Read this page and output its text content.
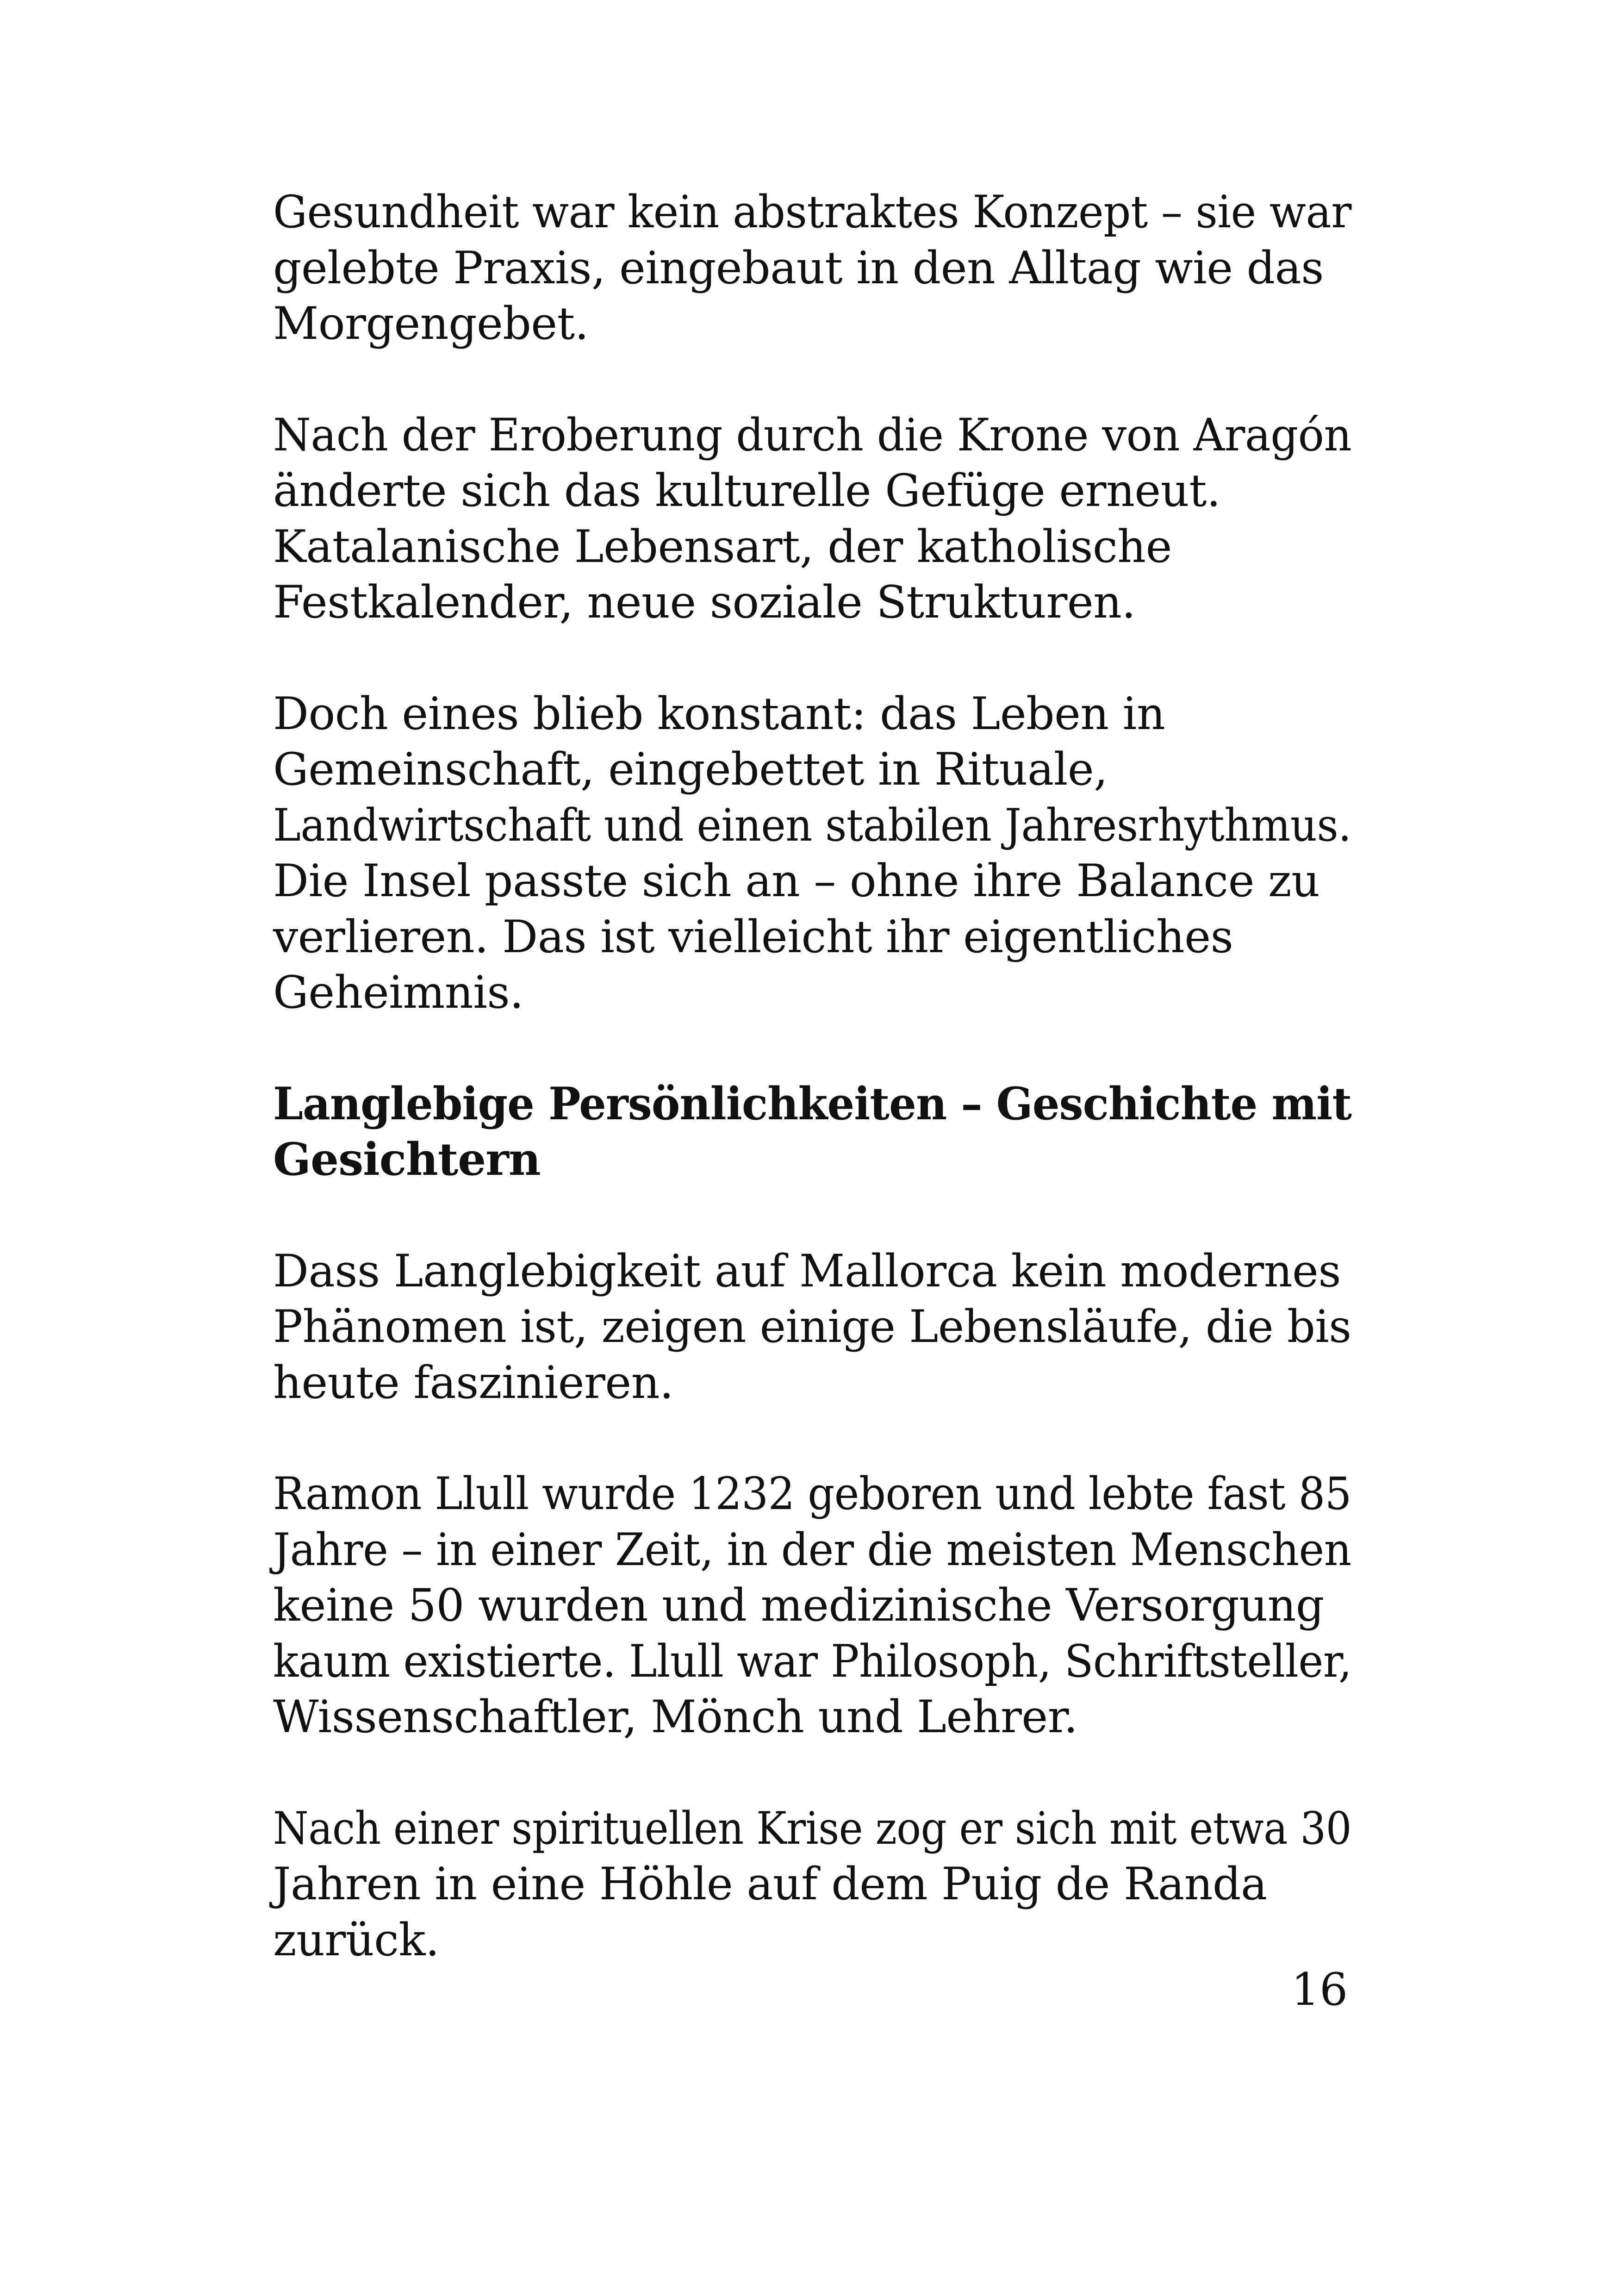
Gesundheit war kein abstraktes Konzept – sie war
gelebte Praxis, eingebaut in den Alltag wie das
Morgengebet.
Nach der Eroberung durch die Krone von Aragón
änderte sich das kulturelle Gefüge erneut.
Katalanische Lebensart, der katholische
Festkalender, neue soziale Strukturen.
Doch eines blieb konstant: das Leben in
Gemeinschaft, eingebettet in Rituale,
Landwirtschaft und einen stabilen Jahresrhythmus.
Die Insel passte sich an – ohne ihre Balance zu
verlieren. Das ist vielleicht ihr eigentliches
Geheimnis.
Langlebige Persönlichkeiten – Geschichte mit
Gesichtern
Dass Langlebigkeit auf Mallorca kein modernes
Phänomen ist, zeigen einige Lebensläufe, die bis
heute faszinieren.
Ramon Llull wurde 1232 geboren und lebte fast 85
Jahre – in einer Zeit, in der die meisten Menschen
keine 50 wurden und medizinische Versorgung
kaum existierte. Llull war Philosoph, Schriftsteller,
Wissenschaftler, Mönch und Lehrer.
Nach einer spirituellen Krise zog er sich mit etwa 30
Jahren in eine Höhle auf dem Puig de Randa
zurück.
16
